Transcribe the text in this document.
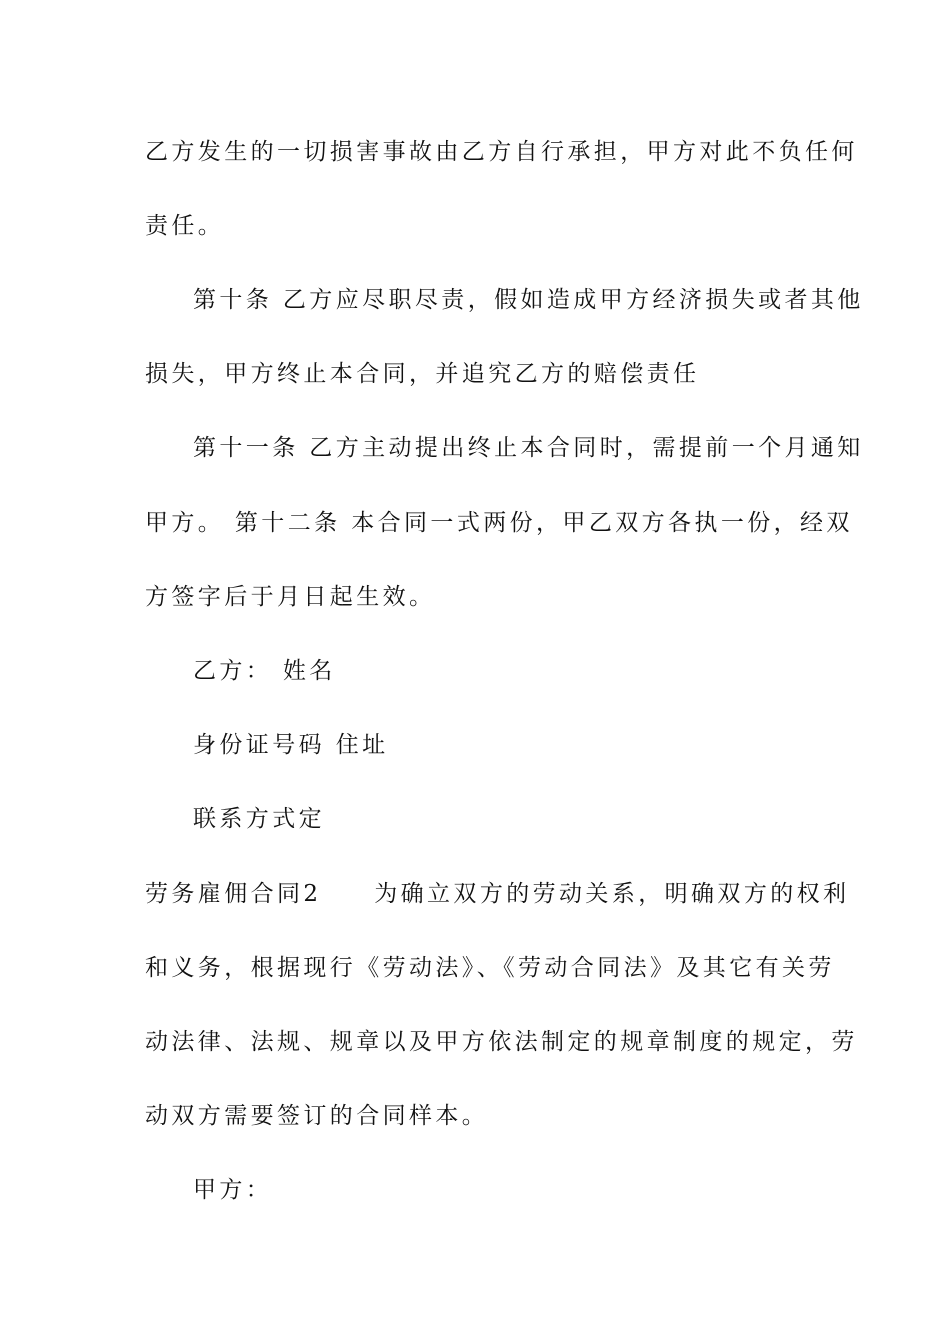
乙方发生的一切损害事故由乙方自行承担，甲方对此不负任何
责任。
第十条 乙方应尽职尽责，假如造成甲方经济损失或者其他
损失，甲方终止本合同，并追究乙方的赔偿责任
第十一条 乙方主动提出终止本合同时，需提前一个月通知
甲方。 第十二条 本合同一式两份，甲乙双方各执一份，经双
方签字后于月日起生效。
乙方： 姓名
身份证号码 住址
联系方式定
劳务雇佣合同2　　为确立双方的劳动关系，明确双方的权利
和义务，根据现行《劳动法》、《劳动合同法》及其它有关劳
动法律、法规、规章以及甲方依法制定的规章制度的规定，劳
动双方需要签订的合同样本。
甲方：
